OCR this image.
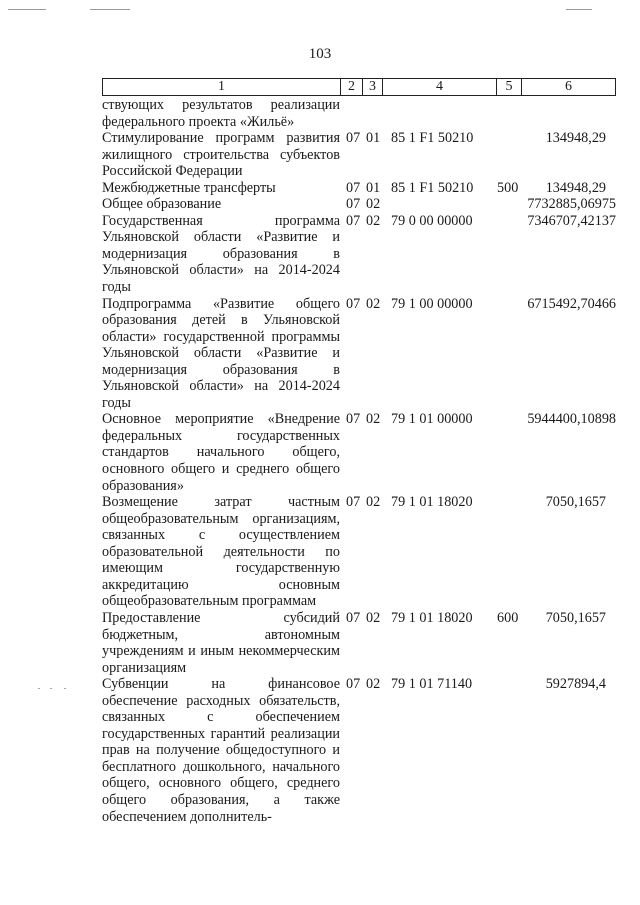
103
1	2	3	4	5	6
ствующих результатов реализации федерального проекта «Жильё»
Стимулирование программ развития жилищного строительства субъектов Российской Федерации
07 01 85 1 F1 50210	134948,29
Межбюджетные трансферты	07 01 85 1 F1 50210	500	134948,29
Общее образование	07 02	7732885,06975
Государственная программа Ульяновской области «Развитие и модернизация образования в Ульяновской области» на 2014-2024 годы
07 02 79 0 00 00000	7346707,42137
Подпрограмма «Развитие общего образования детей в Ульяновской области» государственной программы Ульяновской области «Развитие и модернизация образования в Ульяновской области» на 2014-2024 годы
07 02 79 1 00 00000	6715492,70466
Основное мероприятие «Внедрение федеральных государственных стандартов начального общего, основного общего и среднего общего образования»
07 02 79 1 01 00000	5944400,10898
Возмещение затрат частным общеобразовательным организациям, связанных с осуществлением образовательной деятельности по имеющим государственную аккредитацию основным общеобразовательным программам
07 02 79 1 01 18020	7050,1657
Предоставление субсидий бюджетным, автономным учреждениям и иным некоммерческим организациям
07 02 79 1 01 18020	600	7050,1657
Субвенции на финансовое обеспечение расходных обязательств, связанных с обеспечением государственных гарантий реализации прав на получение общедоступного и бесплатного дошкольного, начального общего, основного общего, среднего общего образования, а также обеспечением дополнитель-
07 02 79 1 01 71140	5927894,4
